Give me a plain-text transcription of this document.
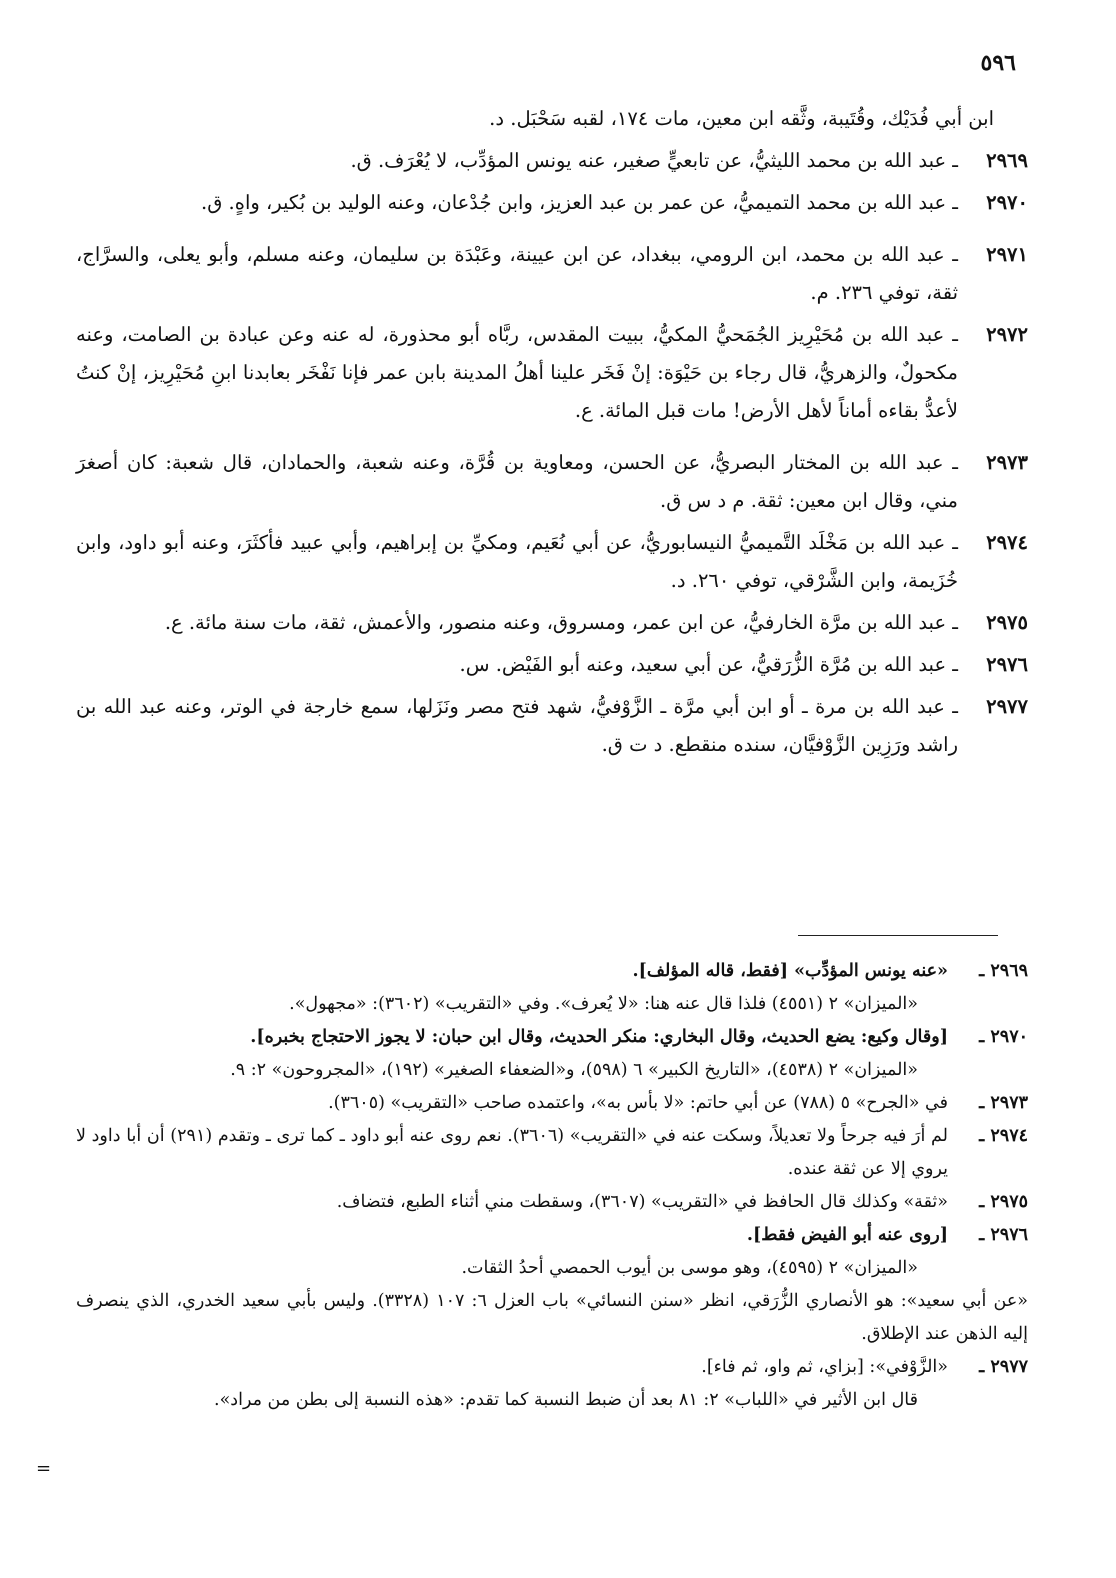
٥٩٦
ابن أبي فُدَيْك، وقُتَيبة، وثَّقه ابن معين، مات ١٧٤، لقبه سَحْبَل. د.
٢٩٦٩
ـ عبد الله بن محمد الليثيُّ، عن تابعيٍّ صغير، عنه يونس المؤدِّب، لا يُعْرَف. ق.
٢٩٧٠
ـ عبد الله بن محمد التميميُّ، عن عمر بن عبد العزيز، وابن جُدْعان، وعنه الوليد بن بُكير، واهٍ. ق.
٢٩٧١
ـ عبد الله بن محمد، ابن الرومي، ببغداد، عن ابن عيينة، وعَبْدَة بن سليمان، وعنه مسلم، وأبو يعلى، والسرَّاج، ثقة، توفي ٢٣٦. م.
٢٩٧٢
ـ عبد الله بن مُحَيْرِيز الجُمَحيُّ المكيُّ، ببيت المقدس، ربَّاه أبو محذورة، له عنه وعن عبادة بن الصامت، وعنه مكحولٌ، والزهريُّ، قال رجاء بن حَيْوَة: إنْ فَخَر علينا أهلُ المدينة بابن عمر فإنا نَفْخَر بعابدنا ابنِ مُحَيْرِيز، إنْ كنتُ لأعدُّ بقاءه أماناً لأهل الأرض! مات قبل المائة. ع.
٢٩٧٣
ـ عبد الله بن المختار البصريُّ، عن الحسن، ومعاوية بن قُرَّة، وعنه شعبة، والحمادان، قال شعبة: كان أصغرَ مني، وقال ابن معين: ثقة. م د س ق.
٢٩٧٤
ـ عبد الله بن مَخْلَد التَّميميُّ النيسابوريُّ، عن أبي نُعَيم، ومكيِّ بن إبراهيم، وأبي عبيد فأكثَرَ، وعنه أبو داود، وابن خُزَيمة، وابن الشَّرْقي، توفي ٢٦٠. د.
٢٩٧٥
ـ عبد الله بن مرَّة الخارفيُّ، عن ابن عمر، ومسروق، وعنه منصور، والأعمش، ثقة، مات سنة مائة. ع.
٢٩٧٦
ـ عبد الله بن مُرَّة الزُّرَقيُّ، عن أبي سعيد، وعنه أبو الفَيْض. س.
٢٩٧٧
ـ عبد الله بن مرة ـ أو ابن أبي مرَّة ـ الزَّوْفيُّ، شهد فتح مصر ونَزَلها، سمع خارجة في الوتر، وعنه عبد الله بن راشد ورَزِين الزَّوْفيَّان، سنده منقطع. د ت ق.
٢٩٦٩ ـ
«عنه يونس المؤدِّب» [فقط، قاله المؤلف].
«الميزان» ٢ (٤٥٥١) فلذا قال عنه هنا: «لا يُعرف». وفي «التقريب» (٣٦٠٢): «مجهول».
٢٩٧٠ ـ
[وقال وكيع: يضع الحديث، وقال البخاري: منكر الحديث، وقال ابن حبان: لا يجوز الاحتجاج بخبره].
«الميزان» ٢ (٤٥٣٨)، «التاريخ الكبير» ٦ (٥٩٨)، و«الضعفاء الصغير» (١٩٢)، «المجروحون» ٢: ٩.
٢٩٧٣ ـ
في «الجرح» ٥ (٧٨٨) عن أبي حاتم: «لا بأس به»، واعتمده صاحب «التقريب» (٣٦٠٥).
٢٩٧٤ ـ
لم أرَ فيه جرحاً ولا تعديلاً، وسكت عنه في «التقريب» (٣٦٠٦). نعم روى عنه أبو داود ـ كما ترى ـ وتقدم (٢٩١) أن أبا داود لا يروي إلا عن ثقة عنده.
٢٩٧٥ ـ
«ثقة» وكذلك قال الحافظ في «التقريب» (٣٦٠٧)، وسقطت مني أثناء الطبع، فتضاف.
٢٩٧٦ ـ
[روى عنه أبو الفيض فقط].
«الميزان» ٢ (٤٥٩٥)، وهو موسى بن أيوب الحمصي أحدُ الثقات.
«عن أبي سعيد»: هو الأنصاري الزُّرَقي، انظر «سنن النسائي» باب العزل ٦: ١٠٧ (٣٣٢٨). وليس بأبي سعيد الخدري، الذي ينصرف إليه الذهن عند الإطلاق.
٢٩٧٧ ـ
«الزَّوْفي»: [بزاي، ثم واو، ثم فاء].
قال ابن الأثير في «اللباب» ٢: ٨١ بعد أن ضبط النسبة كما تقدم: «هذه النسبة إلى بطن من مراد».
=
